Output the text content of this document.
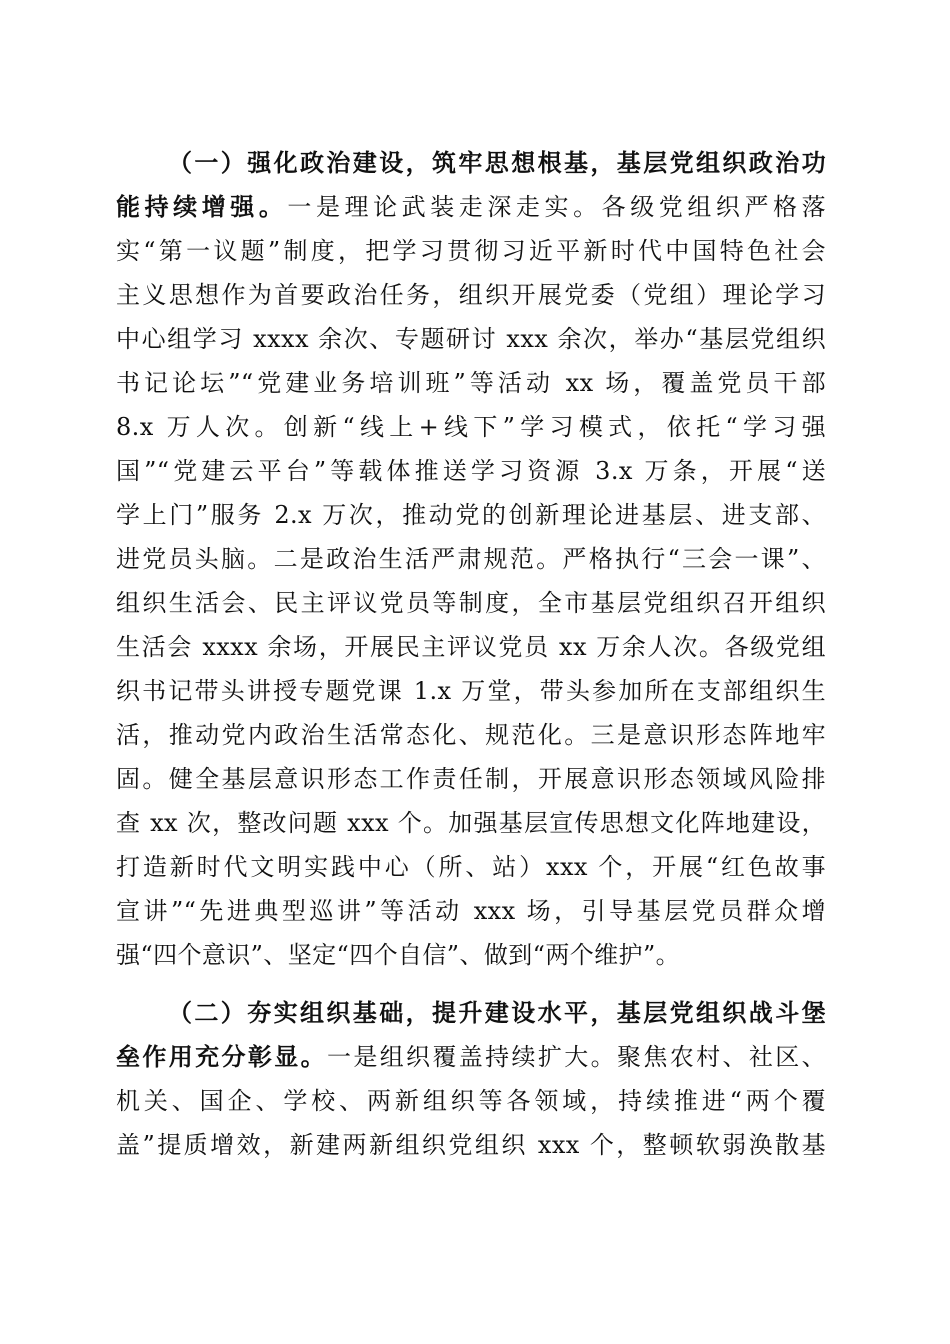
（一）强化政治建设，筑牢思想根基，基层党组织政治功
能持续增强。一是理论武装走深走实。各级党组织严格落
实“第一议题”制度，把学习贯彻习近平新时代中国特色社会
主义思想作为首要政治任务，组织开展党委（党组）理论学习
中心组学习 xxxx 余次、专题研讨 xxx 余次，举办“基层党组织
书记论坛”“党建业务培训班”等活动 xx 场，覆盖党员干部
8.x 万人次。创新“线上+线下”学习模式，依托“学习强
国”“党建云平台”等载体推送学习资源 3.x 万条，开展“送
学上门”服务 2.x 万次，推动党的创新理论进基层、进支部、
进党员头脑。二是政治生活严肃规范。严格执行“三会一课”、
组织生活会、民主评议党员等制度，全市基层党组织召开组织
生活会 xxxx 余场，开展民主评议党员 xx 万余人次。各级党组
织书记带头讲授专题党课 1.x 万堂，带头参加所在支部组织生
活，推动党内政治生活常态化、规范化。三是意识形态阵地牢
固。健全基层意识形态工作责任制，开展意识形态领域风险排
查 xx 次，整改问题 xxx 个。加强基层宣传思想文化阵地建设，
打造新时代文明实践中心（所、站）xxx 个，开展“红色故事
宣讲”“先进典型巡讲”等活动 xxx 场，引导基层党员群众增
强“四个意识”、坚定“四个自信”、做到“两个维护”。
（二）夯实组织基础，提升建设水平，基层党组织战斗堡
垒作用充分彰显。一是组织覆盖持续扩大。聚焦农村、社区、
机关、国企、学校、两新组织等各领域，持续推进“两个覆
盖”提质增效，新建两新组织党组织 xxx 个，整顿软弱涣散基
